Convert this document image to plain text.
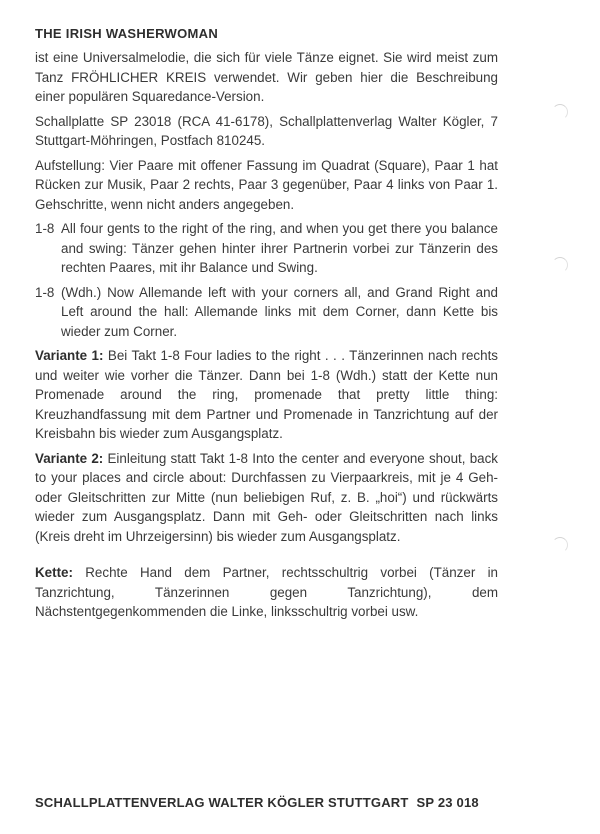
THE IRISH WASHERWOMAN

ist eine Universalmelodie, die sich für viele Tänze eignet. Sie wird meist zum Tanz FRÖHLICHER KREIS verwendet. Wir geben hier die Beschreibung einer populären Squaredance-Version.

Schallplatte SP 23018 (RCA 41-6178), Schallplattenverlag Walter Kögler, 7 Stuttgart-Möhringen, Postfach 810245.

Aufstellung: Vier Paare mit offener Fassung im Quadrat (Square), Paar 1 hat Rücken zur Musik, Paar 2 rechts, Paar 3 gegenüber, Paar 4 links von Paar 1. Gehschritte, wenn nicht anders angegeben.

1-8 All four gents to the right of the ring, and when you get there you balance and swing: Tänzer gehen hinter ihrer Partnerin vorbei zur Tänzerin des rechten Paares, mit ihr Balance und Swing.
1-8 (Wdh.) Now Allemande left with your corners all, and Grand Right and Left around the hall: Allemande links mit dem Corner, dann Kette bis wieder zum Corner.

Variante 1: Bei Takt 1-8 Four ladies to the right . . . Tänzerinnen nach rechts und weiter wie vorher die Tänzer. Dann bei 1-8 (Wdh.) statt der Kette nun Promenade around the ring, promenade that pretty little thing: Kreuzhandfassung mit dem Partner und Promenade in Tanzrichtung auf der Kreisbahn bis wieder zum Ausgangsplatz.

Variante 2: Einleitung statt Takt 1-8 Into the center and everyone shout, back to your places and circle about: Durchfassen zu Vierpaarkreis, mit je 4 Geh- oder Gleitschritten zur Mitte (nun beliebigen Ruf, z. B. „hoi“) und rückwärts wieder zum Ausgangsplatz. Dann mit Geh- oder Gleitschritten nach links (Kreis dreht im Uhrzeigersinn) bis wieder zum Ausgangsplatz.

Kette: Rechte Hand dem Partner, rechtsschultrig vorbei (Tänzer in Tanzrichtung, Tänzerinnen gegen Tanzrichtung), dem Nächstentgegenkommenden die Linke, linksschultrig vorbei usw.

SCHALLPLATTENVERLAG WALTER KÖGLER STUTTGART SP 23 018
